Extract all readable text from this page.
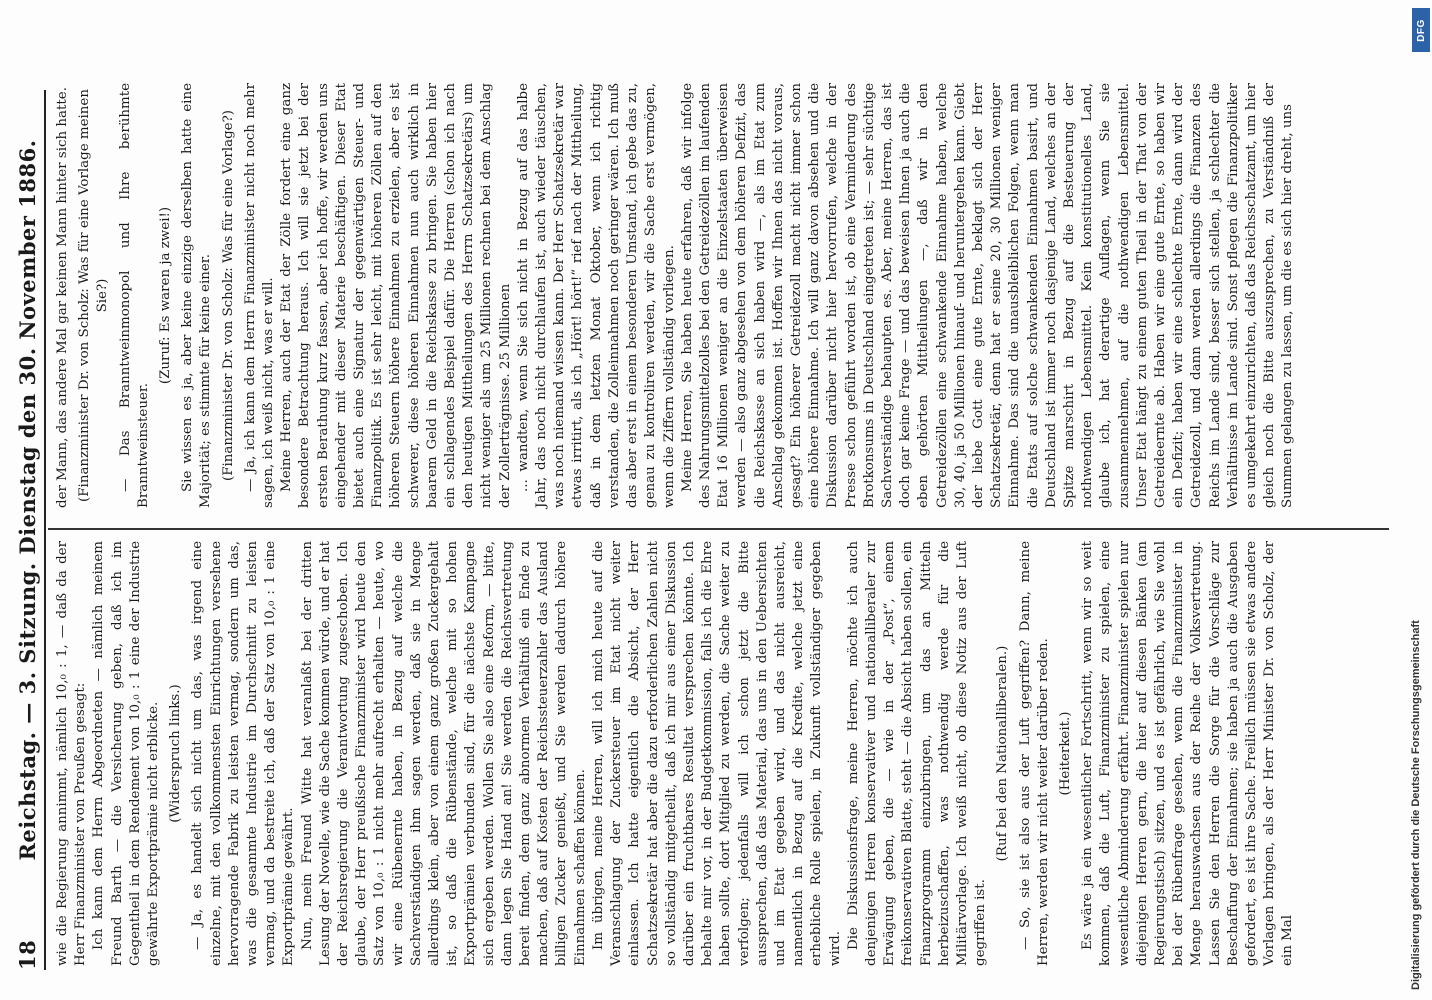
18
Reichstag. — 3. Sitzung. Dienstag den 30. November 1886. wie die Regierung annimmt, nämlich 10,₀ : 1, — daß da der Herr Finanzminister von Preußen gesagt: Ich kann dem Herrn Abgeordneten — nämlich meinem Freund Barth — die Versicherung geben, daß ich im Gegentheil in dem Rendement von 10,₀ : 1 eine der Industrie gewährte Exportprämie nicht erblicke. (Widerspruch links.) — Ja, es handelt sich nicht um das, was irgend eine einzelne, mit den vollkommensten Einrichtungen versehene hervorragende Fabrik zu leisten vermag, sondern um das, was die gesammte Industrie im Durchschnitt zu leisten vermag, und da bestreite ich, daß der Satz von 10,₀ : 1 eine Exportprämie gewährt. Nun, mein Freund Witte hat veranlaßt bei der dritten Lesung der Novelle, wie die Sache kommen würde, und er hat der Reichsregierung die Verantwortung zugeschoben. Ich glaube, der Herr preußische Finanzminister wird heute den Satz von 10,₀ : 1 nicht mehr aufrecht erhalten — heute, wo wir eine Rübenernte haben, in Bezug auf welche die Sachverständigen ihm sagen werden, daß sie in Menge allerdings klein, aber von einem ganz großen Zuckergehalt ist, so daß die Rübenstände, welche mit so hohen Exportprämien verbunden sind, für die nächste Kampagne sich ergeben werden. Wollen Sie also eine Reform, — bitte, dann legen Sie Hand an! Sie werden die Reichsvertretung bereit finden, dem ganz abnormen Verhältniß ein Ende zu machen, daß auf Kosten der Reichssteuerzahler das Ausland billigen Zucker genießt, und Sie werden dadurch höhere Einnahmen schaffen können. Im übrigen, meine Herren, will ich mich heute auf die Veranschlagung der Zuckersteuer im Etat nicht weiter einlassen. Ich hatte eigentlich die Absicht, der Herr Schatzsekretär hat aber die dazu erforderlichen Zahlen nicht so vollständig mitgetheilt, daß ich mir aus einer Diskussion darüber ein fruchtbares Resultat versprechen könnte. Ich behalte mir vor, in der Budgetkommission, falls ich die Ehre haben sollte, dort Mitglied zu werden, die Sache weiter zu verfolgen; jedenfalls will ich schon jetzt die Bitte aussprechen, daß das Material, das uns in den Uebersichten und im Etat gegeben wird, und das nicht ausreicht, namentlich in Bezug auf die Kredite, welche jetzt eine erhebliche Rolle spielen, in Zukunft vollständiger gegeben wird. Die Diskussionsfrage, meine Herren, möchte ich auch denjenigen Herren konservativer und nationalliberaler zur Erwägung geben, die — wie in der „Post“, einem freikonservativen Blatte, steht — die Absicht haben sollen, ein Finanzprogramm einzubringen, um das an Mitteln herbeizuschaffen, was nothwendig werde für die Militärvorlage. Ich weiß nicht, ob diese Notiz aus der Luft gegriffen ist.

(Ruf bei den Nationalliberalen.) — So, sie ist also aus der Luft gegriffen? Dann, meine Herren, werden wir nicht weiter darüber reden. (Heiterkeit.) Es wäre ja ein wesentlicher Fortschritt, wenn wir so weit kommen, daß die Luft, Finanzminister zu spielen, eine wesentliche Abminderung erfährt. Finanzminister spielen nur diejenigen Herren gern, die hier auf diesen Bänken (am Regierungstisch) sitzen, und es ist gefährlich, wie Sie wohl bei der Rübenfrage gesehen, wenn die Finanzminister in Menge herauswachsen aus der Reihe der Volksvertretung. Lassen Sie den Herren die Sorge für die Vorschläge zur Beschaffung der Einnahmen; sie haben ja auch die Ausgaben gefordert, es ist ihre Sache. Freilich müssen sie etwas andere Vorlagen bringen, als der Herr Minister Dr. von Scholz, der ein Mal

der Mann, das andere Mal gar keinen Mann hinter sich hatte. (Finanzminister Dr. von Scholz: Was für eine Vorlage meinen Sie?) — Das Branntweinmonopol und Ihre berühmte Branntweinsteuer.

(Zuruf: Es waren ja zwei!) Sie wissen es ja, aber keine einzige derselben hatte eine Majorität; es stimmte für keine einer. (Finanzminister Dr. von Scholz: Was für eine Vorlage?) — Ja, ich kann dem Herrn Finanzminister nicht noch mehr sagen, ich weiß nicht, was er will. Meine Herren, auch der Etat der Zölle fordert eine ganz besondere Betrachtung heraus. Ich will sie jetzt bei der ersten Berathung kurz fassen, aber ich hoffe, wir werden uns eingehender mit dieser Materie beschäftigen. Dieser Etat bietet auch eine Signatur der gegenwärtigen Steuer- und Finanzpolitik. Es ist sehr leicht, mit höheren Zöllen auf den höheren Steuern höhere Einnahmen zu erzielen, aber es ist schwerer, diese höheren Einnahmen nun auch wirklich in baarem Geld in die Reichskasse zu bringen. Sie haben hier ein schlagendes Beispiel dafür. Die Herren (schon ich nach den heutigen Mittheilungen des Herrn Schatzsekretärs) um nicht weniger als um 25 Millionen rechnen bei dem Anschlag der Zollerträgnisse. 25 Millionen ... wandten, wenn Sie sich nicht in Bezug auf das halbe Jahr, das noch nicht durchlaufen ist, auch wieder täuschen, was noch niemand wissen kann. Der Herr Schatzsekretär war etwas irritirt, als ich „Hört! hört!“ rief nach der Mittheilung, daß in dem letzten Monat Oktober, wenn ich richtig verstanden, die Zolleinnahmen noch geringer wären. Ich muß das aber erst in einem besonderen Umstand, ich gebe das zu, genau zu kontroliren werden, wir die Sache erst vermögen, wenn die Ziffern vollständig vorliegen. Meine Herren, Sie haben heute erfahren, daß wir infolge des Nahrungsmittelzolles bei den Getreidezöllen im laufenden Etat 16 Millionen weniger an die Einzelstaaten überweisen werden — also ganz abgesehen von dem höheren Defizit, das die Reichskasse an sich haben wird —, als im Etat zum Anschlag gekommen ist. Hoffen wir Ihnen das nicht voraus, gesagt? Ein höherer Getreidezoll macht nicht immer schon eine höhere Einnahme. Ich will ganz davon absehen und die Diskussion darüber nicht hier hervorrufen, welche in der Presse schon geführt worden ist, ob eine Verminderung des Brotkonsums in Deutschland eingetreten ist; — sehr süchtige Sachverständige behaupten es. Aber, meine Herren, das ist doch gar keine Frage — und das beweisen Ihnen ja auch die eben gehörten Mittheilungen —, daß wir in den Getreidezöllen eine schwankende Einnahme haben, welche 30, 40, ja 50 Millionen hinauf- und heruntergehen kann. Giebt der liebe Gott eine gute Ernte, beklagt sich der Herr Schatzsekretär, denn hat er seine 20, 30 Millionen weniger Einnahme. Das sind die unausbleiblichen Folgen, wenn man die Etats auf solche schwankenden Einnahmen basirt, und Deutschland ist immer noch dasjenige Land, welches an der Spitze marschirt in Bezug auf die Besteuerung der nothwendigen Lebensmittel. Kein konstitutionelles Land, glaube ich, hat derartige Auflagen, wenn Sie sie zusammennehmen, auf die nothwendigen Lebensmittel. Unser Etat hängt zu einem guten Theil in der That von der Getreideernte ab. Haben wir eine gute Ernte, so haben wir ein Defizit; haben wir eine schlechte Ernte, dann wird der Getreidezoll, und dann werden allerdings die Finanzen des Reichs im Lande sind, besser sich stellen, ja schlechter die Verhältnisse im Lande sind. Sonst pflegen die Finanzpolitiker es umgekehrt einzurichten, daß das Reichsschatzamt, um hier gleich noch die Bitte auszusprechen, zu Verständniß der Summen gelangen zu lassen, um die es sich hier dreht, uns

Digitalisierung gefördert durch die Deutsche Forschungsgemeinschaft
DFG
